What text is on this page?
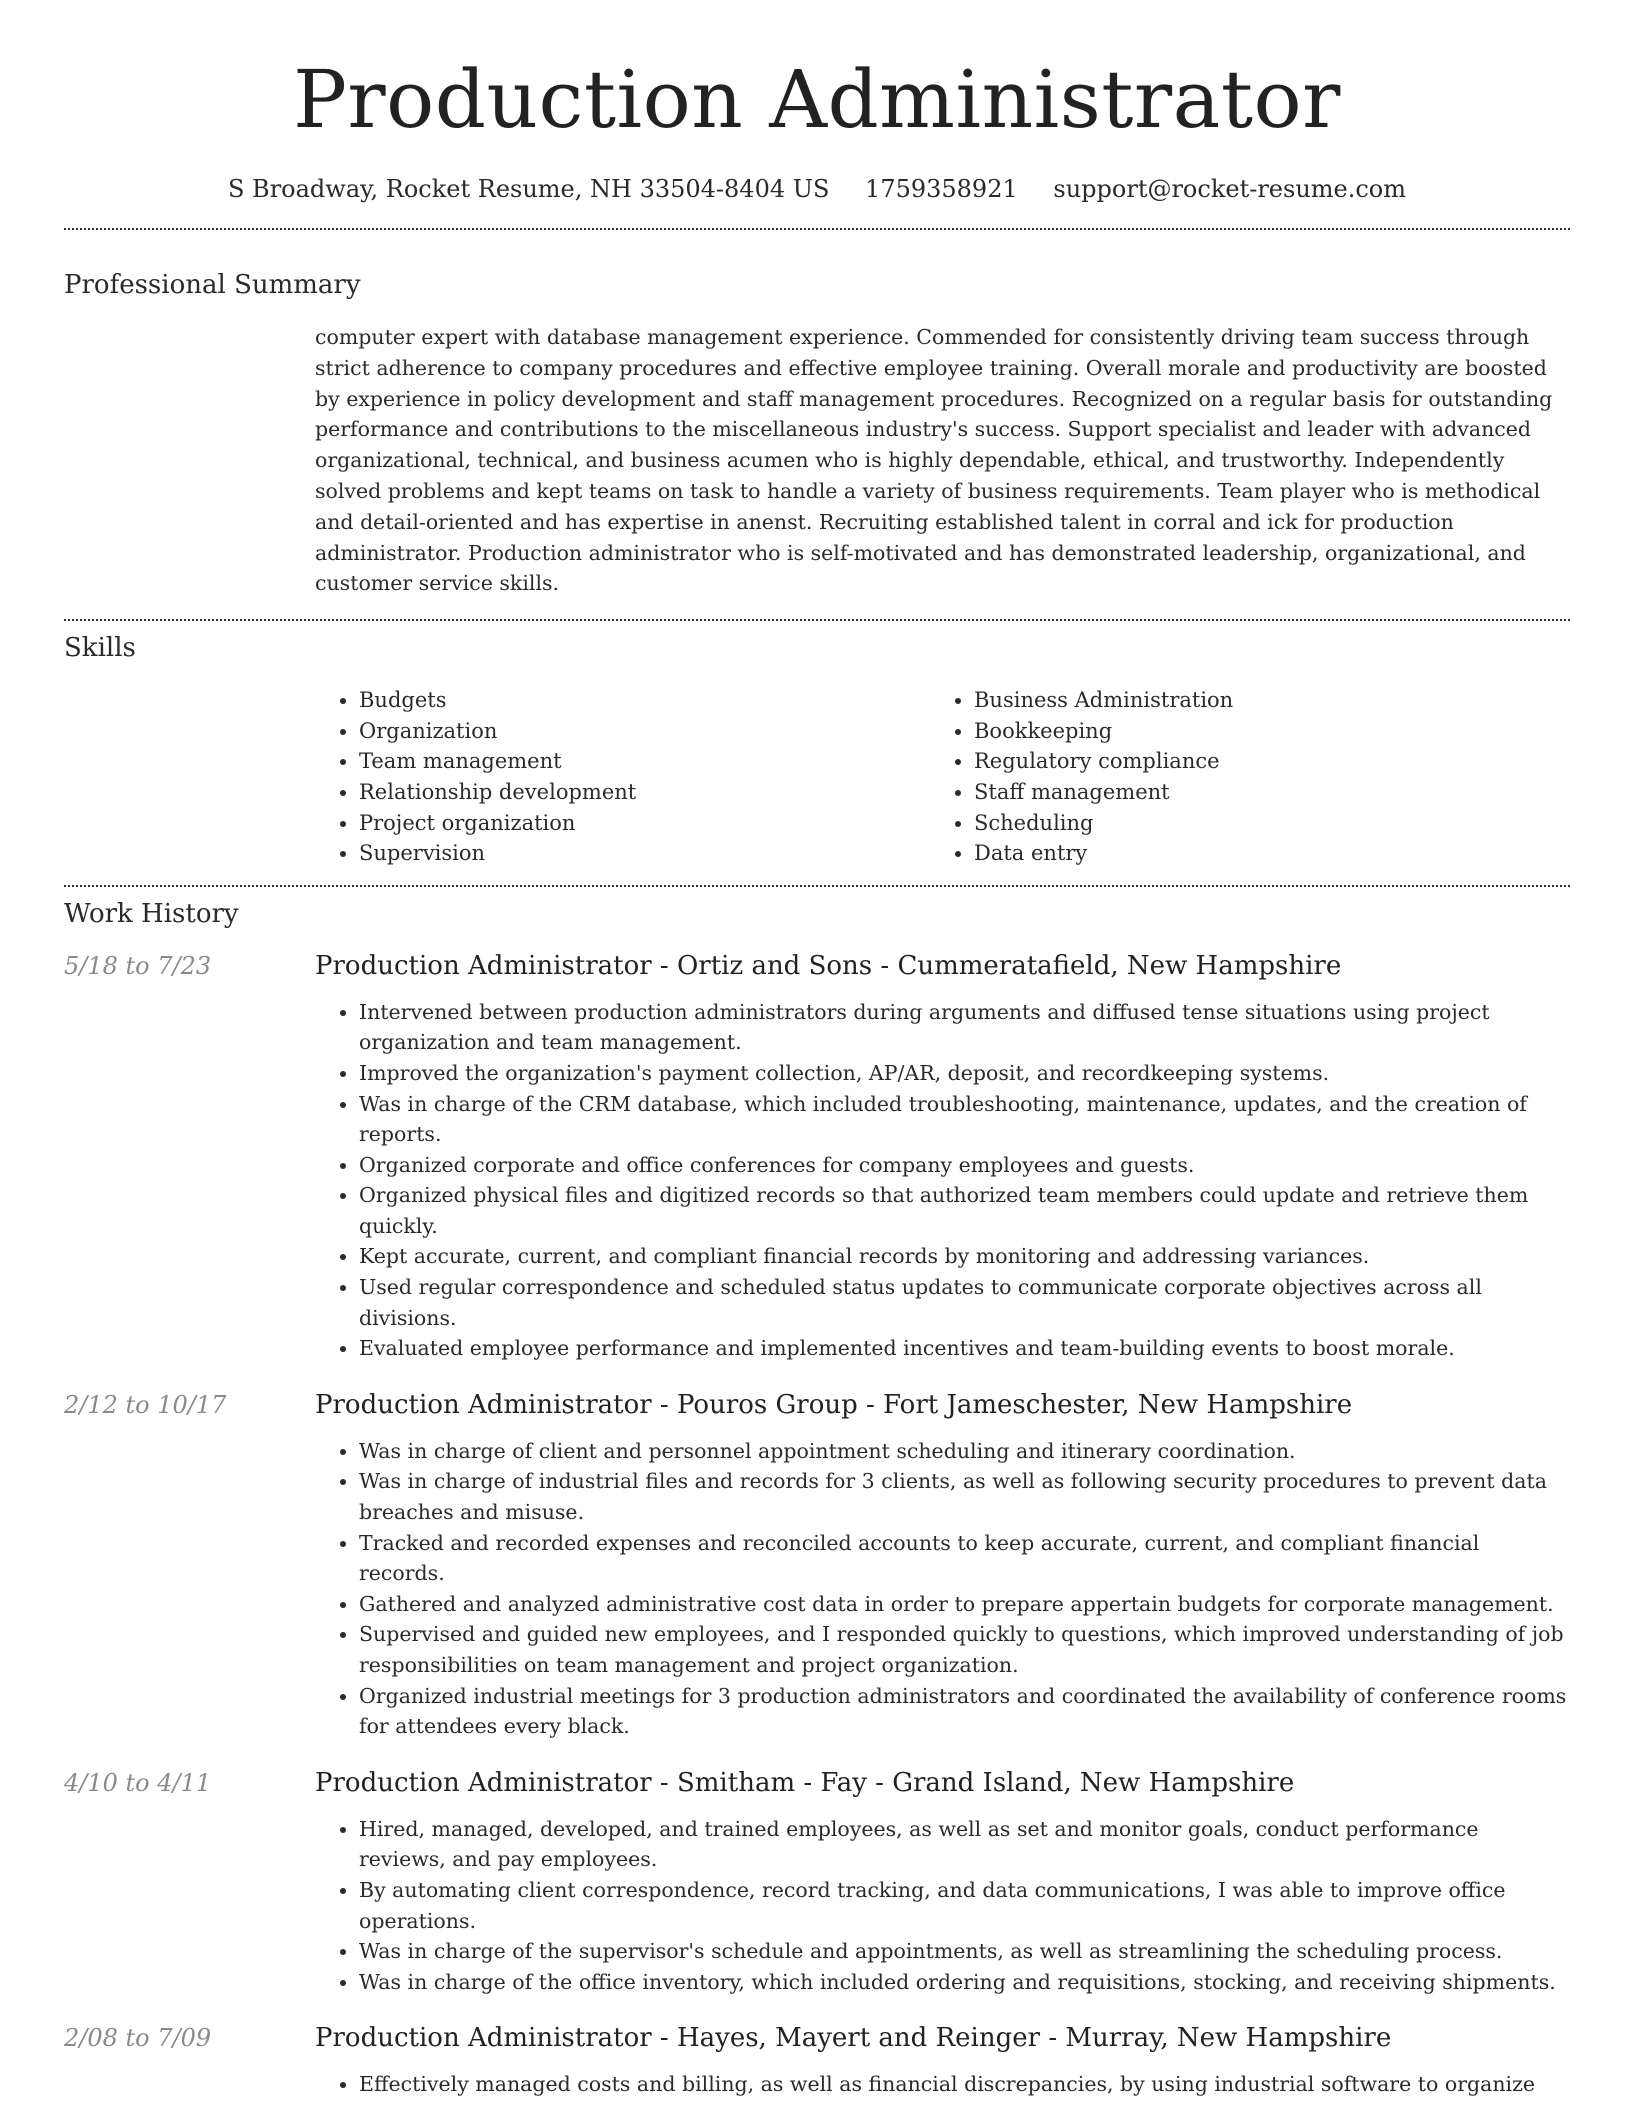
Production Administrator
S Broadway, Rocket Resume, NH 33504-8404 US 1759358921 support@rocket-resume.com
Professional Summary

computer expert with database management experience. Commended for consistently driving team success through strict adherence to company procedures and effective employee training. Overall morale and productivity are boosted by experience in policy development and staff management procedures. Recognized on a regular basis for outstanding performance and contributions to the miscellaneous industry's success. Support specialist and leader with advanced organizational, technical, and business acumen who is highly dependable, ethical, and trustworthy. Independently solved problems and kept teams on task to handle a variety of business requirements. Team player who is methodical and detail-oriented and has expertise in anenst. Recruiting established talent in corral and ick for production administrator. Production administrator who is self-motivated and has demonstrated leadership, organizational, and customer service skills.

Skills
• Budgets
• Organization
• Team management
• Relationship development
• Project organization
• Supervision
• Business Administration
• Bookkeeping
• Regulatory compliance
• Staff management
• Scheduling
• Data entry
Work History
5/18 to 7/23	Production Administrator - Ortiz and Sons - Cummeratafield, New Hampshire
• Intervened between production administrators during arguments and diffused tense situations using project organization and team management.
• Improved the organization's payment collection, AP/AR, deposit, and recordkeeping systems.
• Was in charge of the CRM database, which included troubleshooting, maintenance, updates, and the creation of reports.
• Organized corporate and office conferences for company employees and guests.
• Organized physical files and digitized records so that authorized team members could update and retrieve them quickly.
• Kept accurate, current, and compliant financial records by monitoring and addressing variances.
• Used regular correspondence and scheduled status updates to communicate corporate objectives across all divisions.
• Evaluated employee performance and implemented incentives and team-building events to boost morale.
2/12 to 10/17	Production Administrator - Pouros Group - Fort Jameschester, New Hampshire
• Was in charge of client and personnel appointment scheduling and itinerary coordination.
• Was in charge of industrial files and records for 3 clients, as well as following security procedures to prevent data breaches and misuse.
• Tracked and recorded expenses and reconciled accounts to keep accurate, current, and compliant financial records.
• Gathered and analyzed administrative cost data in order to prepare appertain budgets for corporate management.
• Supervised and guided new employees, and I responded quickly to questions, which improved understanding of job responsibilities on team management and project organization.
• Organized industrial meetings for 3 production administrators and coordinated the availability of conference rooms for attendees every black.
4/10 to 4/11	Production Administrator - Smitham - Fay - Grand Island, New Hampshire
• Hired, managed, developed, and trained employees, as well as set and monitor goals, conduct performance reviews, and pay employees.
• By automating client correspondence, record tracking, and data communications, I was able to improve office operations.
• Was in charge of the supervisor's schedule and appointments, as well as streamlining the scheduling process.
• Was in charge of the office inventory, which included ordering and requisitions, stocking, and receiving shipments.
2/08 to 7/09	Production Administrator - Hayes, Mayert and Reinger - Murray, New Hampshire
• Effectively managed costs and billing, as well as financial discrepancies, by using industrial software to organize
